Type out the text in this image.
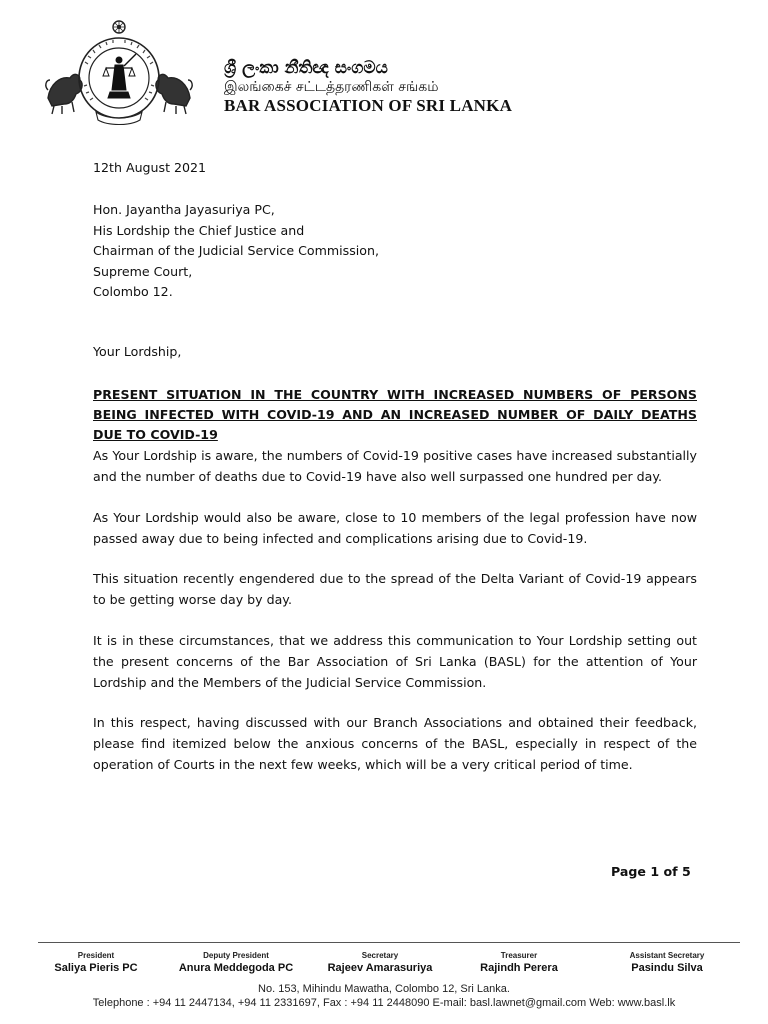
ශ්‍රී ලංකා නීතිඥ සංගමය
இலங்கைச் சட்டத்தரணிகள் சங்கம்
BAR ASSOCIATION OF SRI LANKA
12th August 2021
Hon. Jayantha Jayasuriya PC,
His Lordship the Chief Justice and
Chairman of the Judicial Service Commission,
Supreme Court,
Colombo 12.
Your Lordship,
PRESENT SITUATION IN THE COUNTRY WITH INCREASED NUMBERS OF PERSONS BEING INFECTED WITH COVID-19 AND AN INCREASED NUMBER OF DAILY DEATHS DUE TO COVID-19

As Your Lordship is aware, the numbers of Covid-19 positive cases have increased substantially and the number of deaths due to Covid-19 have also well surpassed one hundred per day.

As Your Lordship would also be aware, close to 10 members of the legal profession have now passed away due to being infected and complications arising due to Covid-19.

This situation recently engendered due to the spread of the Delta Variant of Covid-19 appears to be getting worse day by day.

It is in these circumstances, that we address this communication to Your Lordship setting out the present concerns of the Bar Association of Sri Lanka (BASL) for the attention of Your Lordship and the Members of the Judicial Service Commission.

In this respect, having discussed with our Branch Associations and obtained their feedback, please find itemized below the anxious concerns of the BASL, especially in respect of the operation of Courts in the next few weeks, which will be a very critical period of time.

Page 1 of 5
President
Saliya Pieris PC
Deputy President
Anura Meddegoda PC
Secretary
Rajeev Amarasuriya
Treasurer
Rajindh Perera
Assistant Secretary
Pasindu Silva
No. 153, Mihindu Mawatha, Colombo 12, Sri Lanka.
Telephone : +94 11 2447134, +94 11 2331697, Fax : +94 11 2448090 E-mail: basl.lawnet@gmail.com Web: www.basl.lk
